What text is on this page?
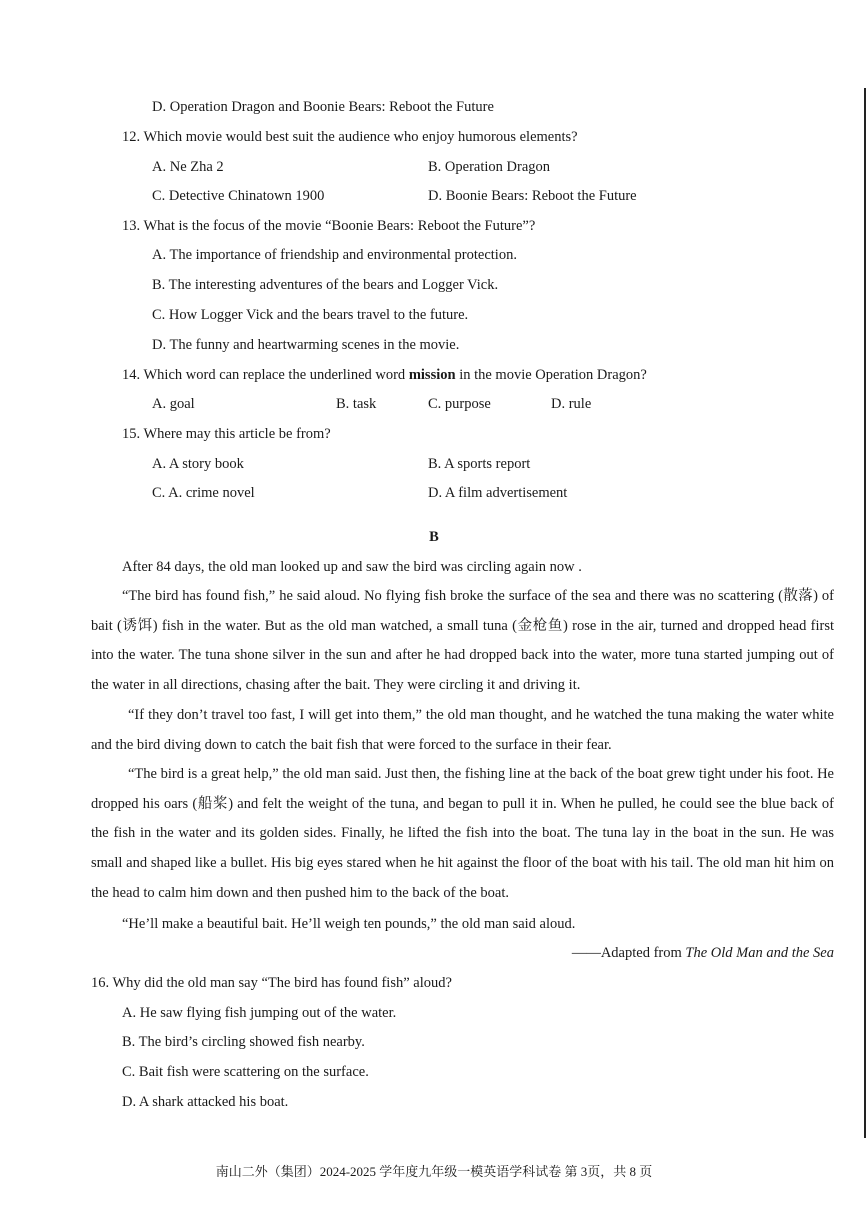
D. Operation Dragon and Boonie Bears: Reboot the Future
12. Which movie would best suit the audience who enjoy humorous elements?
A. Ne Zha 2	B. Operation Dragon
C. Detective Chinatown 1900	D. Boonie Bears: Reboot the Future
13. What is the focus of the movie “Boonie Bears: Reboot the Future”?
A. The importance of friendship and environmental protection.
B. The interesting adventures of the bears and Logger Vick.
C. How Logger Vick and the bears travel to the future.
D. The funny and heartwarming scenes in the movie.
14. Which word can replace the underlined word mission in the movie Operation Dragon?
A. goal	B. task	C. purpose	D. rule
15. Where may this article be from?
A. A story book	B. A sports report
C. A. crime novel	D. A film advertisement
B
After 84 days, the old man looked up and saw the bird was circling again now .
“The bird has found fish,” he said aloud. No flying fish broke the surface of the sea and there was no scattering (散落) of bait (诱饵) fish in the water. But as the old man watched, a small tuna (金枪鱼) rose in the air, turned and dropped head first into the water. The tuna shone silver in the sun and after he had dropped back into the water, more tuna started jumping out of the water in all directions, chasing after the bait. They were circling it and driving it.
“If they don’t travel too fast, I will get into them,” the old man thought, and he watched the tuna making the water white and the bird diving down to catch the bait fish that were forced to the surface in their fear.
“The bird is a great help,” the old man said. Just then, the fishing line at the back of the boat grew tight under his foot. He dropped his oars (船桨) and felt the weight of the tuna, and began to pull it in. When he pulled, he could see the blue back of the fish in the water and its golden sides. Finally, he lifted the fish into the boat. The tuna lay in the boat in the sun. He was small and shaped like a bullet. His big eyes stared when he hit against the floor of the boat with his tail. The old man hit him on the head to calm him down and then pushed him to the back of the boat.
“He’ll make a beautiful bait. He’ll weigh ten pounds,” the old man said aloud.
——Adapted from The Old Man and the Sea
16. Why did the old man say “The bird has found fish” aloud?
A. He saw flying fish jumping out of the water.
B. The bird’s circling showed fish nearby.
C. Bait fish were scattering on the surface.
D. A shark attacked his boat.
南山二外（集团）2024-2025 学年度九年级一模英语学科试卷 第 3页，共 8 页
